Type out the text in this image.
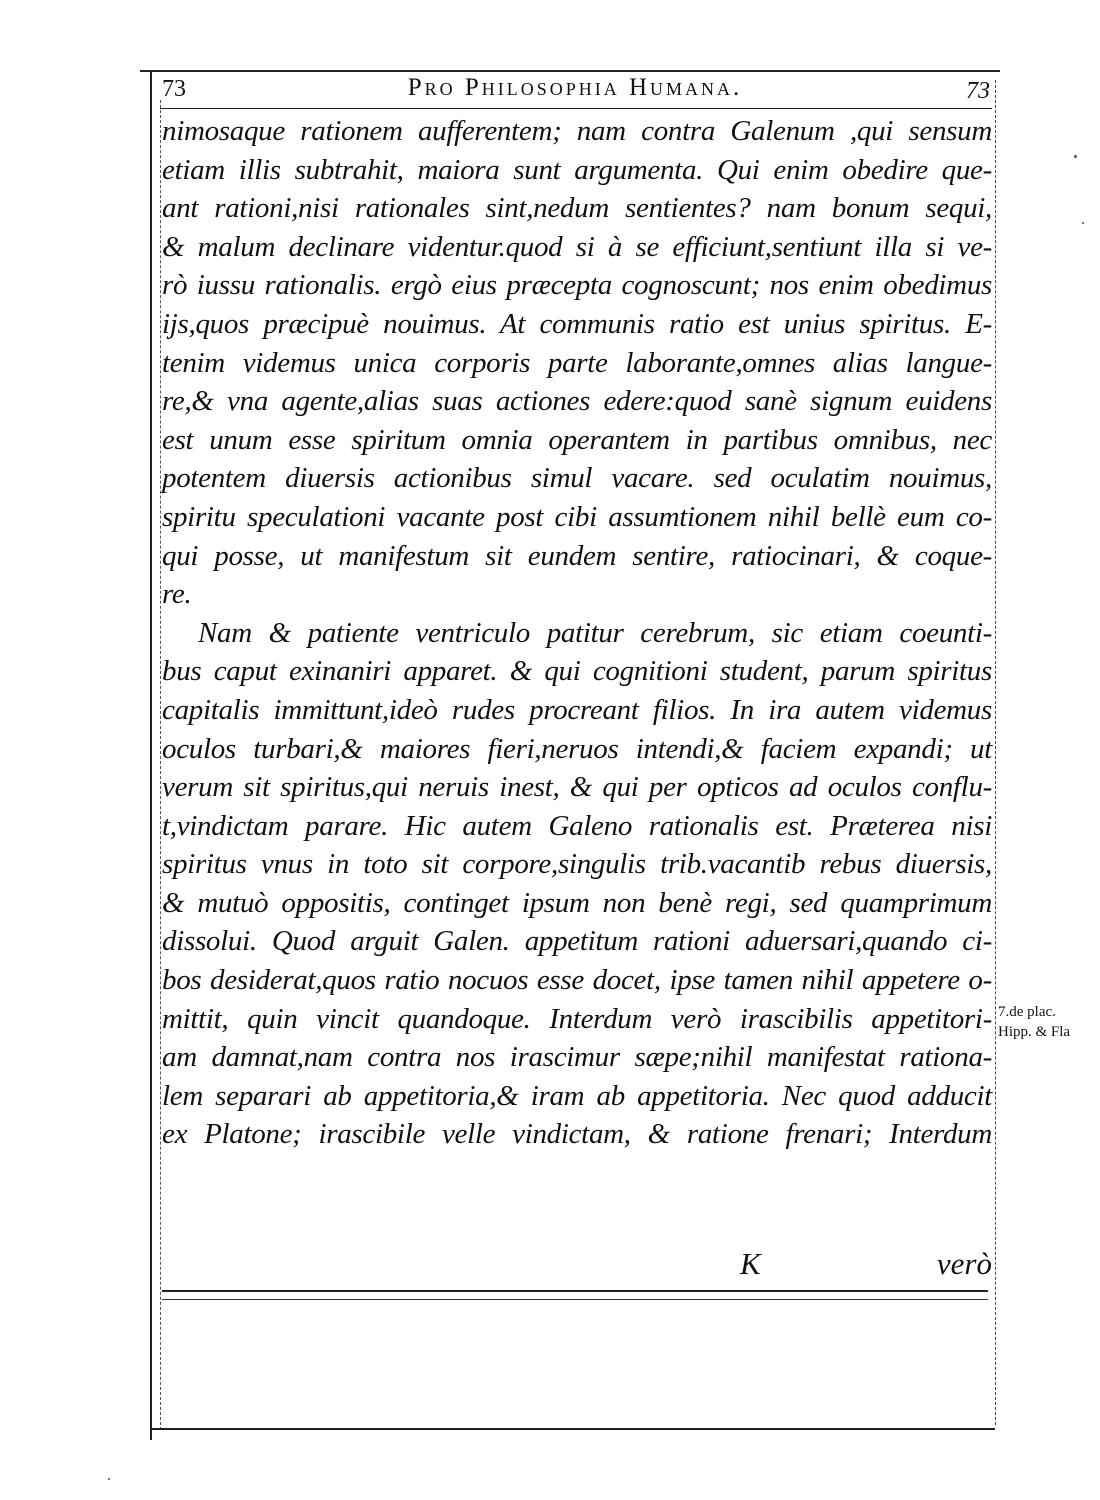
73	Pro Philosophia Humana.	73
nimosaque rationem aufferentem; nam contra Galenum ,qui sensum
etiam illis subtrahit, maiora sunt argumenta. Qui enim obedire que-
ant rationi,nisi rationales sint,nedum sentientes? nam bonum sequi,
& malum declinare videntur.quod si à se efficiunt,sentiunt illa si ve-
rò iussu rationalis. ergò eius præcepta cognoscunt; nos enim obedimus
ijs,quos præcipuè nouimus. At communis ratio est unius spiritus. E-
tenim videmus unica corporis parte laborante,omnes alias langue-
re,& vna agente,alias suas actiones edere:quod sanè signum euidens
est unum esse spiritum omnia operantem in partibus omnibus, nec
potentem diuersis actionibus simul vacare. sed oculatim nouimus,
spiritu speculationi vacante post cibi assumtionem nihil bellè eum co-
qui posse, ut manifestum sit eundem sentire, ratiocinari, & coque-
re.
Nam & patiente ventriculo patitur cerebrum, sic etiam coeunti-
bus caput exinaniri apparet. & qui cognitioni student, parum spiritus
capitalis immittunt,ideò rudes procreant filios. In ira autem videmus
oculos turbari,& maiores fieri,neruos intendi,& faciem expandi; ut
verum sit spiritus,qui neruis inest, & qui per opticos ad oculos conflu-
t,vindictam parare. Hic autem Galeno rationalis est. Præterea nisi
spiritus vnus in toto sit corpore,singulis trib.vacantib rebus diuersis,
& mutuò oppositis, continget ipsum non benè regi, sed quamprimum
dissolui. Quod arguit Galen. appetitum rationi aduersari,quando ci-
bos desiderat,quos ratio nocuos esse docet, ipse tamen nihil appetere o-
mittit, quin vincit quandoque. Interdum verò irascibilis appetitori-
am damnat,nam contra nos irascimur sæpe;nihil manifestat rationa-
lem separari ab appetitoria,& iram ab appetitoria. Nec quod adducit
ex Platone; irascibile velle vindictam, & ratione frenari; Interdum
K	verò
7.de plac.
Hipp. & Fla
